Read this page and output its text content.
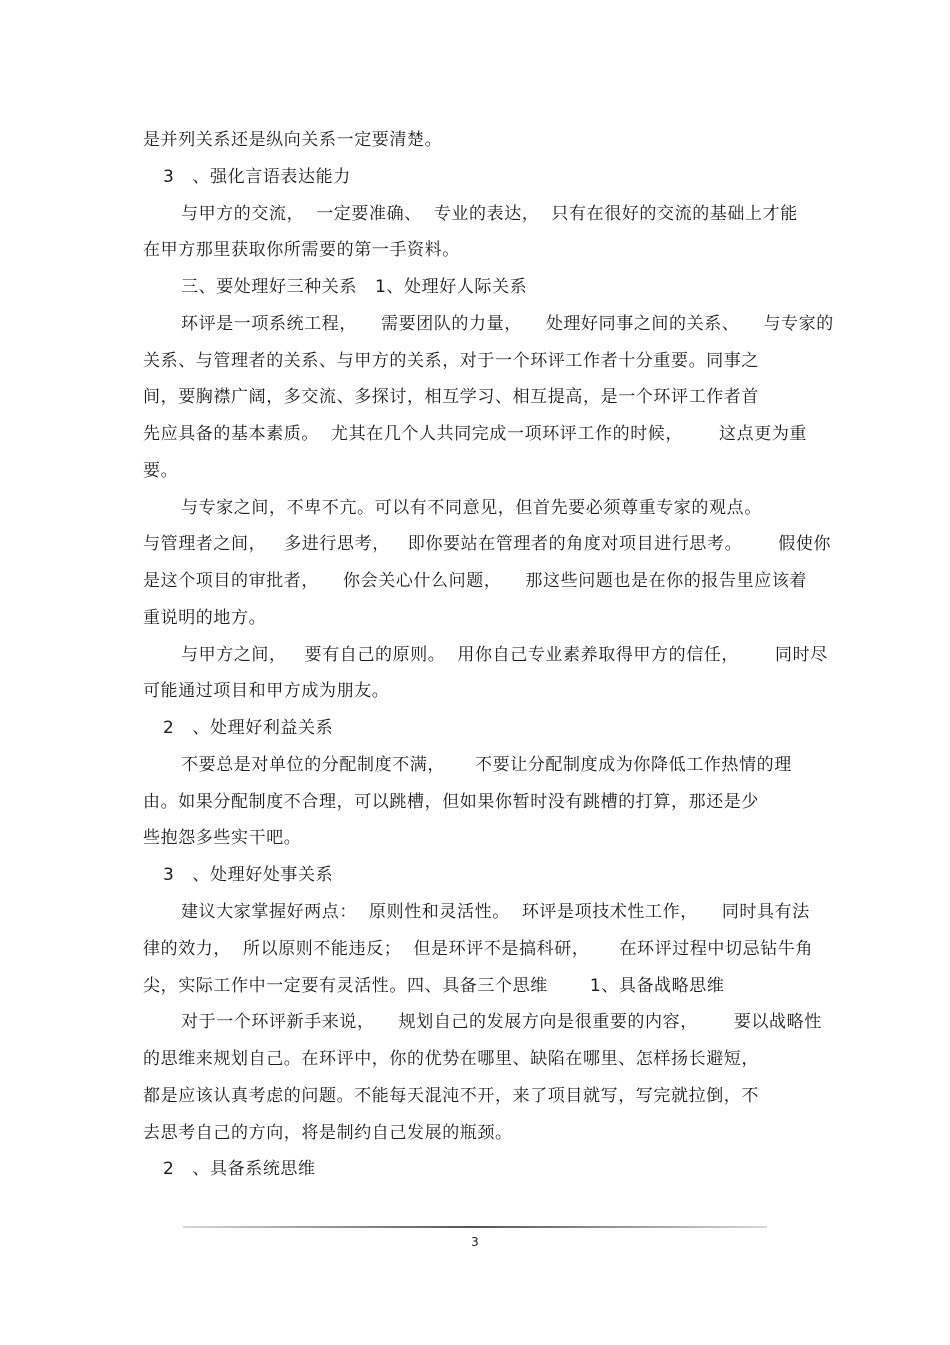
是并列关系还是纵向关系一定要清楚。
3   、强化言语表达能力
与甲方的交流，  一定要准确、  专业的表达，  只有在很好的交流的基础上才能
在甲方那里获取你所需要的第一手资料。
三、要处理好三种关系   1、处理好人际关系
环评是一项系统工程，    需要团队的力量，    处理好同事之间的关系、    与专家的
关系、与管理者的关系、与甲方的关系，对于一个环评工作者十分重要。同事之
间，要胸襟广阔，多交流、多探讨，相互学习、相互提高，是一个环评工作者首
先应具备的基本素质。  尤其在几个人共同完成一项环评工作的时候，      这点更为重
要。
与专家之间，不卑不亢。可以有不同意见，但首先要必须尊重专家的观点。
与管理者之间，   多进行思考，   即你要站在管理者的角度对项目进行思考。      假使你
是这个项目的审批者，    你会关心什么问题，    那这些问题也是在你的报告里应该着
重说明的地方。
与甲方之间，   要有自己的原则。  用你自己专业素养取得甲方的信任，      同时尽
可能通过项目和甲方成为朋友。
2   、处理好利益关系
不要总是对单位的分配制度不满，     不要让分配制度成为你降低工作热情的理
由。如果分配制度不合理，可以跳槽，但如果你暂时没有跳槽的打算，那还是少
些抱怨多些实干吧。
3   、处理好处事关系
建议大家掌握好两点：  原则性和灵活性。  环评是项技术性工作，    同时具有法
律的效力，  所以原则不能违反；  但是环评不是搞科研，     在环评过程中切忌钻牛角
尖，实际工作中一定要有灵活性。四、具备三个思维       1、具备战略思维
对于一个环评新手来说，    规划自己的发展方向是很重要的内容，      要以战略性
的思维来规划自己。在环评中，你的优势在哪里、缺陷在哪里、怎样扬长避短，
都是应该认真考虑的问题。不能每天混沌不开，来了项目就写，写完就拉倒，不
去思考自己的方向，将是制约自己发展的瓶颈。
2   、具备系统思维
3
